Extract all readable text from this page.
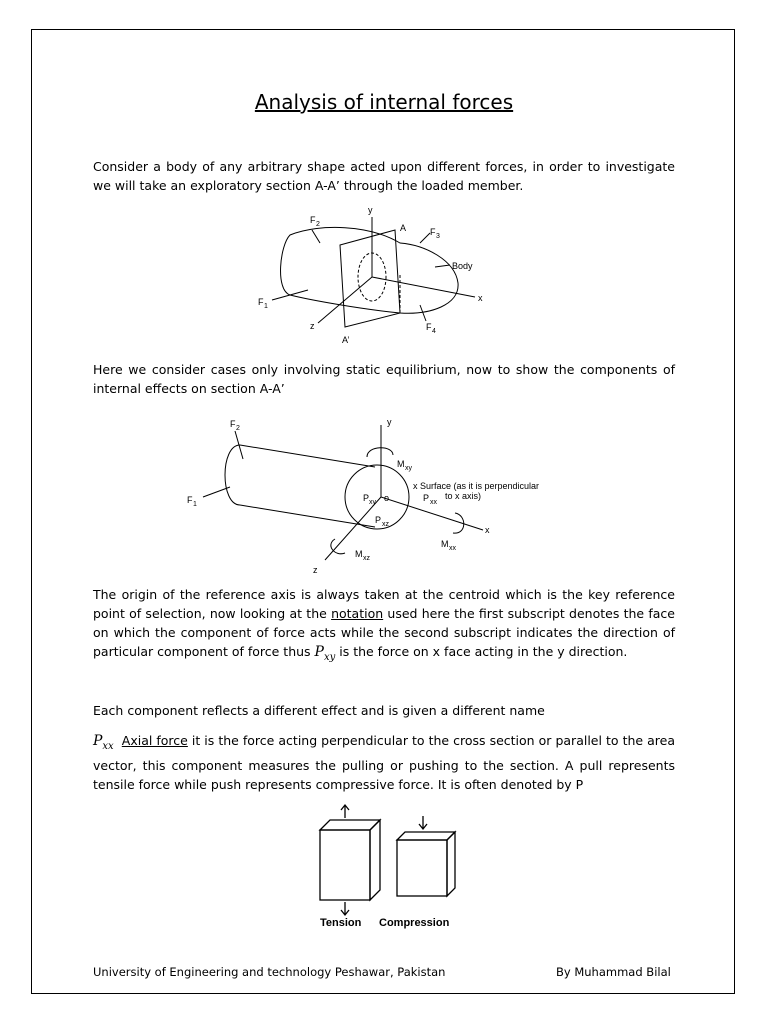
Analysis of internal forces
Consider a body of any arbitrary shape acted upon different forces, in order to investigate we will take an exploratory section A-A’ through the loaded member.
F 2
F 3
F 1
F 4
y
x
z
A
A’
Body
Here we consider cases only involving static equilibrium, now to show the components of internal effects on section A-A’
F 2
F 1
y
x
z
M xy
P xy o	P xx
P xz
M xz
M xx
x Surface (as it is perpendicular
to x axis)
The origin of the reference axis is always taken at the centroid which is the key reference point of selection, now looking at the notation used here the first subscript denotes the face on which the component of force acts while the second subscript indicates the direction of particular component of force thus $P_{xy}$ is the force on x face acting in the y direction.
Each component reflects a different effect and is given a different name
$P_{xx}$ Axial force it is the force acting perpendicular to the cross section or parallel to the area vector, this component measures the pulling or pushing to the section. A pull represents tensile force while push represents compressive force. It is often denoted by P
Tension Compression
University of Engineering and technology Peshawar, Pakistan	By Muhammad Bilal
